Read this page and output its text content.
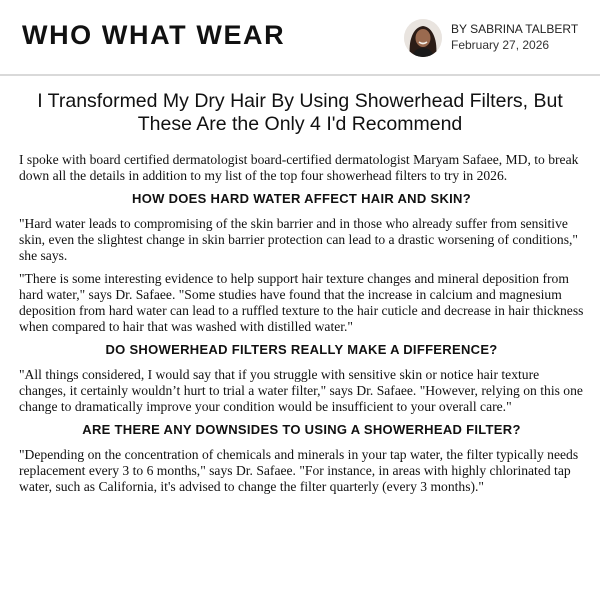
WHO WHAT WEAR	BY SABRINA TALBERT
February 27, 2026
I Transformed My Dry Hair By Using Showerhead Filters, But These Are the Only 4 I'd Recommend

I spoke with board certified dermatologist board-certified dermatologist Maryam Safaee, MD, to break down all the details in addition to my list of the top four showerhead filters to try in 2026.

HOW DOES HARD WATER AFFECT HAIR AND SKIN?

"Hard water leads to compromising of the skin barrier and in those who already suffer from sensitive skin, even the slightest change in skin barrier protection can lead to a drastic worsening of conditions," she says.

"There is some interesting evidence to help support hair texture changes and mineral deposition from hard water," says Dr. Safaee. "Some studies have found that the increase in calcium and magnesium deposition from hard water can lead to a ruffled texture to the hair cuticle and decrease in hair thickness when compared to hair that was washed with distilled water."

DO SHOWERHEAD FILTERS REALLY MAKE A DIFFERENCE?

"All things considered, I would say that if you struggle with sensitive skin or notice hair texture changes, it certainly wouldn’t hurt to trial a water filter," says Dr. Safaee. "However, relying on this one change to dramatically improve your condition would be insufficient to your overall care."

ARE THERE ANY DOWNSIDES TO USING A SHOWERHEAD FILTER?

"Depending on the concentration of chemicals and minerals in your tap water, the filter typically needs replacement every 3 to 6 months," says Dr. Safaee. "For instance, in areas with highly chlorinated tap water, such as California, it's advised to change the filter quarterly (every 3 months)."
